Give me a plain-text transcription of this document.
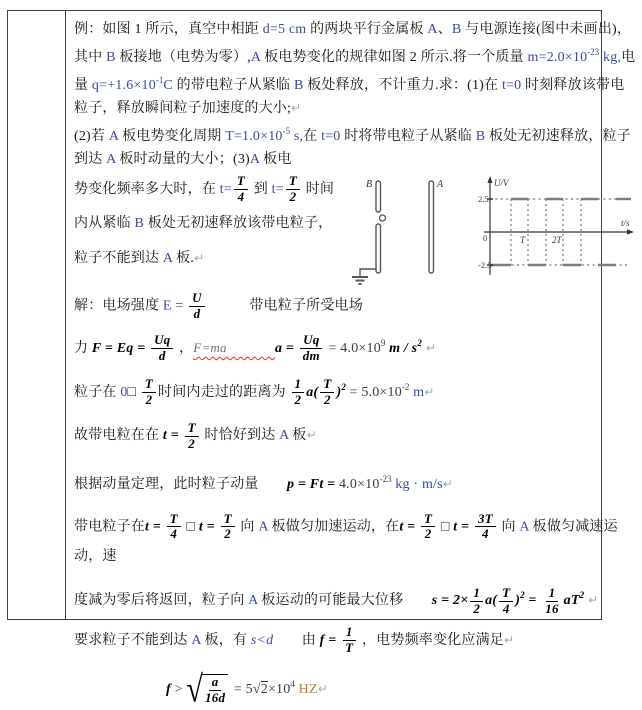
例：如图 1 所示，真空中相距 d=5 cm 的两块平行金属板 A、B 与电源连接(图中未画出)，其中 B 板接地（电势为零）,A 板电势变化的规律如图 2 所示.将一个质量 $m=2.0\times 10^{-23}$ kg,电量 $q=+1.6\times 10^{-1}C$ 的带电粒子从紧临 B 板处释放，不计重力.求：(1)在 t=0 时刻释放该带电粒子，释放瞬间粒子加速度的大小;↵
(2)若 A 板电势变化周期 $T=1.0\times 10^{-5}$ s,在 t=0 时将带电粒子从紧临 B 板处无初速释放，粒子到达 A 板时动量的大小；(3)A 板电
势变化频率多大时，在 $t= \frac{T}{4}$ 到 $t= \frac{T}{2}$ 时间
内从紧临 B 板处无初速释放该带电粒子，
粒子不能到达 A 板.↵
B	A	U/V
t/s
2.5
0
-2.5
T	2T
解：电场强度 $E = \frac{U}{d}$ 　　　带电粒子所受电场
力 $F = Eq = \frac{Uq}{d}$ ，F=ma              $a = \frac{Uq}{dm} = 4.0\times 10^9$ m / $s^2$ ↵
粒子在 0□ $\frac{T}{2}$ 时间内走过的距离为 $\frac{1}{2} a( \frac{T}{2} )^2 = 5.0\times 10^{-2}$ m↵
故带电粒在在 $t = \frac{T}{2}$ 时恰好到达 A 板↵
根据动量定理，此时粒子动量　　$p = Ft = 4.0\times 10^{-23}$ kg · m/s↵
带电粒子在$t = \frac{T}{4}$ □ $t = \frac{T}{2}$ 向 A 板做匀加速运动，在$t = \frac{T}{2}$ □ $t = \frac{3T}{4}$ 向 A 板做匀减速运动，速
度减为零后将返回，粒子向 A 板运动的可能最大位移　　$s = 2\times \frac{1}{2} a( \frac{T}{4} )^2 = \frac{1}{16} aT^2$ ↵
要求粒子不能到达 A 板，有 s<d　　由 $f = \frac{1}{T}$ ，电势频率变化应满足↵
f > √ $\frac{a}{16d} = 5√2\times 10^4$ HZ↵
